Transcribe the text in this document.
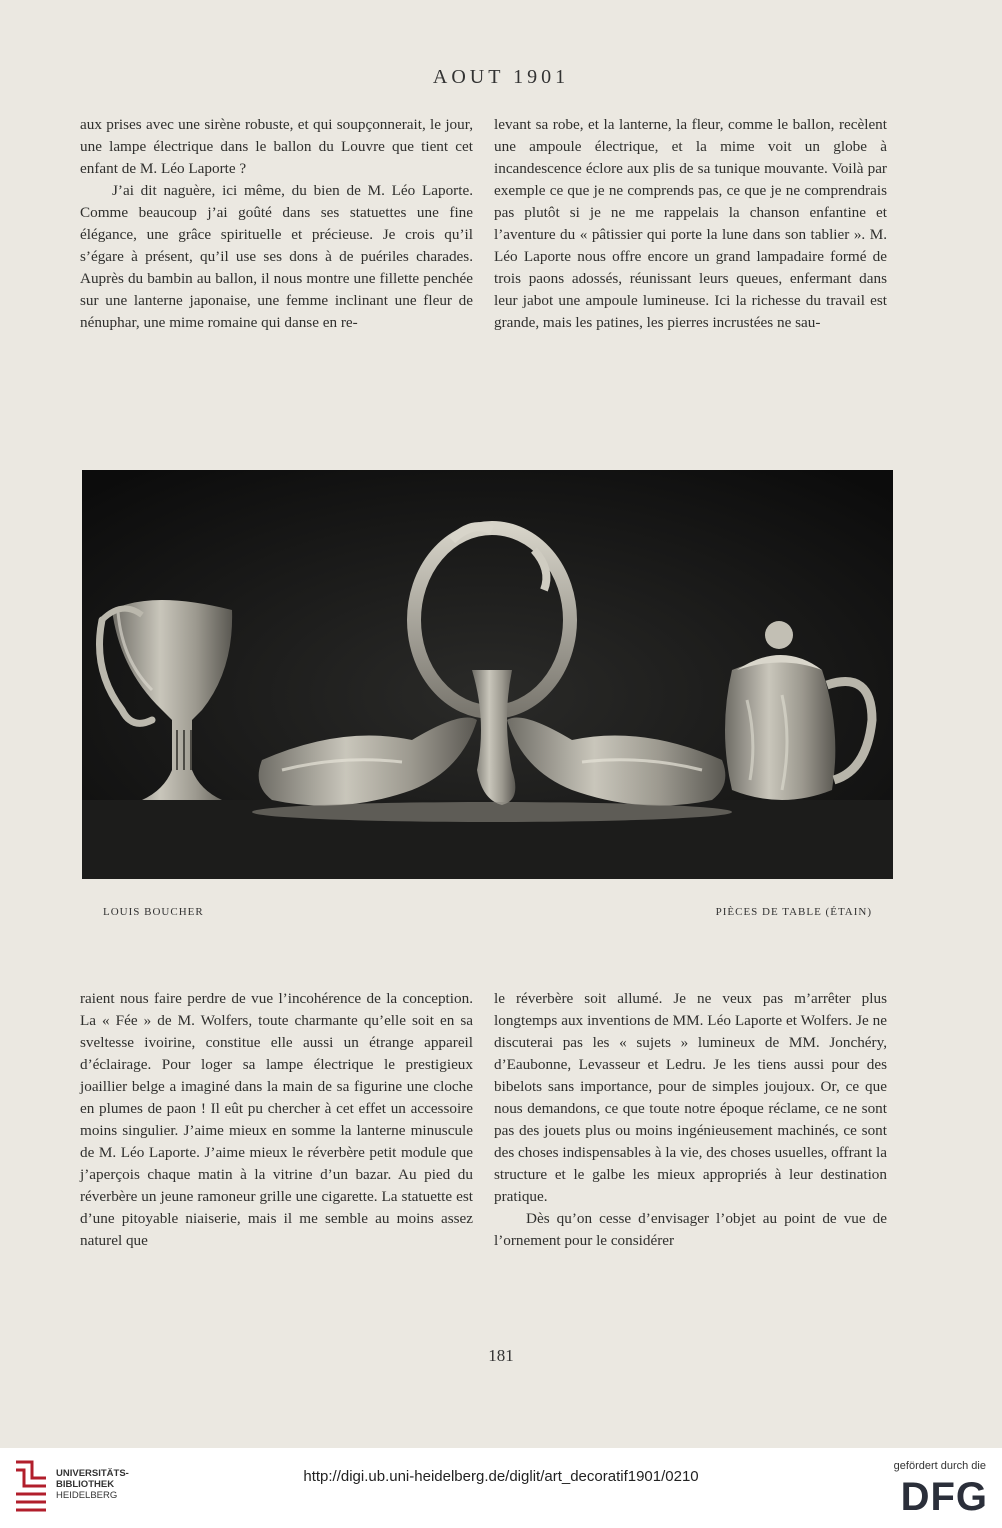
AOUT 1901

aux prises avec une sirène robuste, et qui soupçonnerait, le jour, une lampe électrique dans le ballon du Louvre que tient cet enfant de M. Léo Laporte ?

J’ai dit naguère, ici même, du bien de M. Léo Laporte. Comme beaucoup j’ai goûté dans ses statuettes une fine élégance, une grâce spirituelle et précieuse. Je crois qu’il s’égare à présent, qu’il use ses dons à de puériles charades. Auprès du bambin au ballon, il nous montre une fillette penchée sur une lanterne japonaise, une femme inclinant une fleur de nénuphar, une mime romaine qui danse en re-

levant sa robe, et la lanterne, la fleur, comme le ballon, recèlent une ampoule électrique, et la mime voit un globe à incandescence éclore aux plis de sa tunique mouvante. Voilà par exemple ce que je ne comprends pas, ce que je ne comprendrais pas plutôt si je ne me rappelais la chanson enfantine et l’aventure du « pâtissier qui porte la lune dans son tablier ». M. Léo Laporte nous offre encore un grand lampadaire formé de trois paons adossés, réunissant leurs queues, enfermant dans leur jabot une ampoule lumineuse. Ici la richesse du travail est grande, mais les patines, les pierres incrustées ne sau-

LOUIS BOUCHER	PIÈCES DE TABLE (ÉTAIN)

raient nous faire perdre de vue l’incohérence de la conception. La « Fée » de M. Wolfers, toute charmante qu’elle soit en sa sveltesse ivoirine, constitue elle aussi un étrange appareil d’éclairage. Pour loger sa lampe électrique le prestigieux joaillier belge a imaginé dans la main de sa figurine une cloche en plumes de paon ! Il eût pu chercher à cet effet un accessoire moins singulier. J’aime mieux en somme la lanterne minuscule de M. Léo Laporte. J’aime mieux le réverbère petit module que j’aperçois chaque matin à la vitrine d’un bazar. Au pied du réverbère un jeune ramoneur grille une cigarette. La statuette est d’une pitoyable niaiserie, mais il me semble au moins assez naturel que

le réverbère soit allumé. Je ne veux pas m’arrêter plus longtemps aux inventions de MM. Léo Laporte et Wolfers. Je ne discuterai pas les « sujets » lumineux de MM. Jonchéry, d’Eaubonne, Levasseur et Ledru. Je les tiens aussi pour des bibelots sans importance, pour de simples joujoux. Or, ce que nous demandons, ce que toute notre époque réclame, ce ne sont pas des jouets plus ou moins ingénieusement machinés, ce sont des choses indispensables à la vie, des choses usuelles, offrant la structure et le galbe les mieux appropriés à leur destination pratique.

Dès qu’on cesse d’envisager l’objet au point de vue de l’ornement pour le considérer

181
UNIVERSITÄTS-
BIBLIOTHEK
HEIDELBERG
http://digi.ub.uni-heidelberg.de/diglit/art_decoratif1901/0210
gefördert durch die
DFG
